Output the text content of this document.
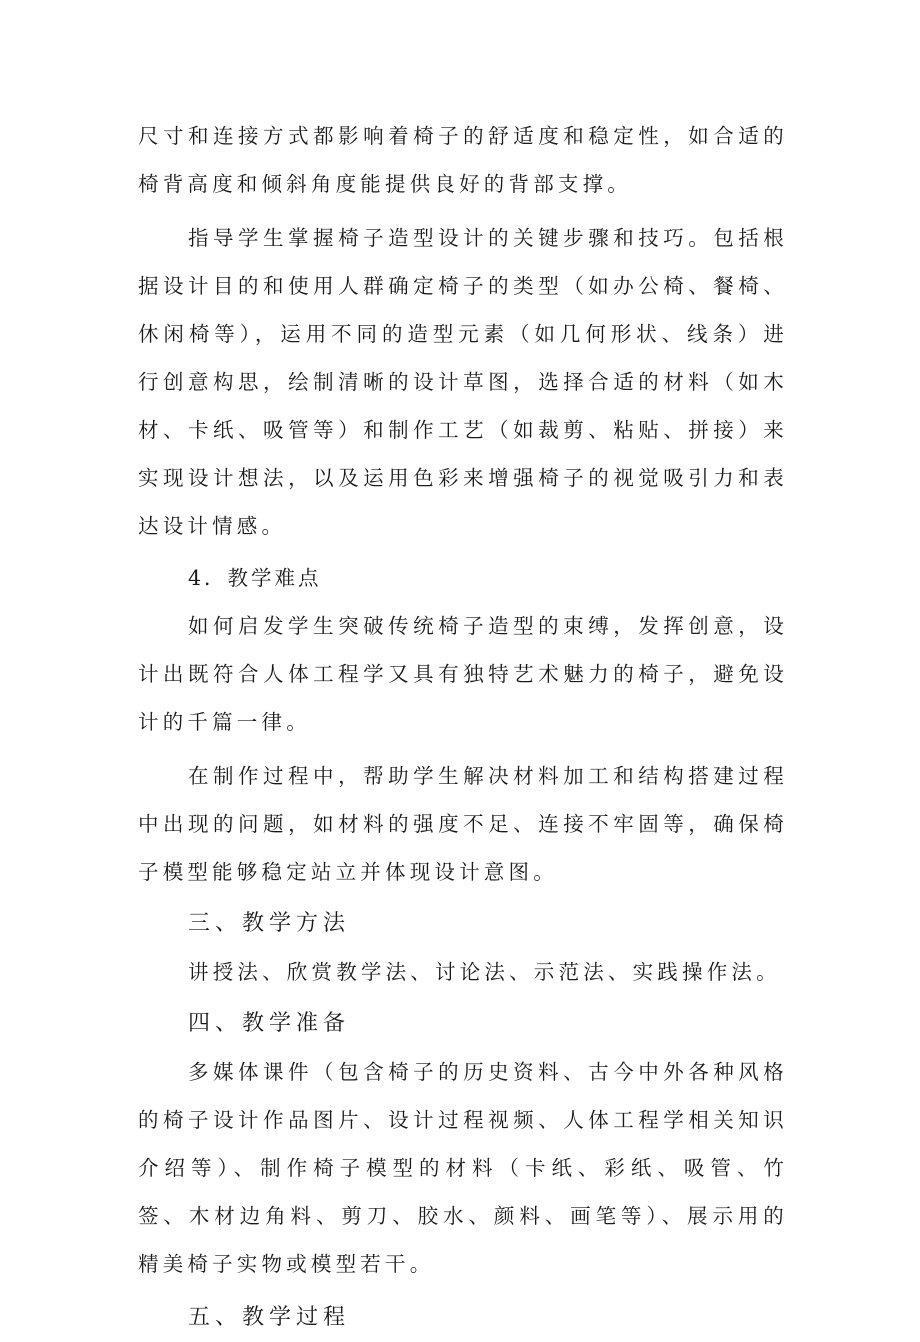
尺寸和连接方式都影响着椅子的舒适度和稳定性，如合适的椅背高度和倾斜角度能提供良好的背部支撑。

指导学生掌握椅子造型设计的关键步骤和技巧。包括根据设计目的和使用人群确定椅子的类型（如办公椅、餐椅、休闲椅等），运用不同的造型元素（如几何形状、线条）进行创意构思，绘制清晰的设计草图，选择合适的材料（如木材、卡纸、吸管等）和制作工艺（如裁剪、粘贴、拼接）来实现设计想法，以及运用色彩来增强椅子的视觉吸引力和表达设计情感。

4．教学难点

如何启发学生突破传统椅子造型的束缚，发挥创意，设计出既符合人体工程学又具有独特艺术魅力的椅子，避免设计的千篇一律。

在制作过程中，帮助学生解决材料加工和结构搭建过程中出现的问题，如材料的强度不足、连接不牢固等，确保椅子模型能够稳定站立并体现设计意图。

三、教学方法

讲授法、欣赏教学法、讨论法、示范法、实践操作法。

四、教学准备

多媒体课件（包含椅子的历史资料、古今中外各种风格的椅子设计作品图片、设计过程视频、人体工程学相关知识介绍等）、制作椅子模型的材料（卡纸、彩纸、吸管、竹签、木材边角料、剪刀、胶水、颜料、画笔等）、展示用的精美椅子实物或模型若干。

五、教学过程
